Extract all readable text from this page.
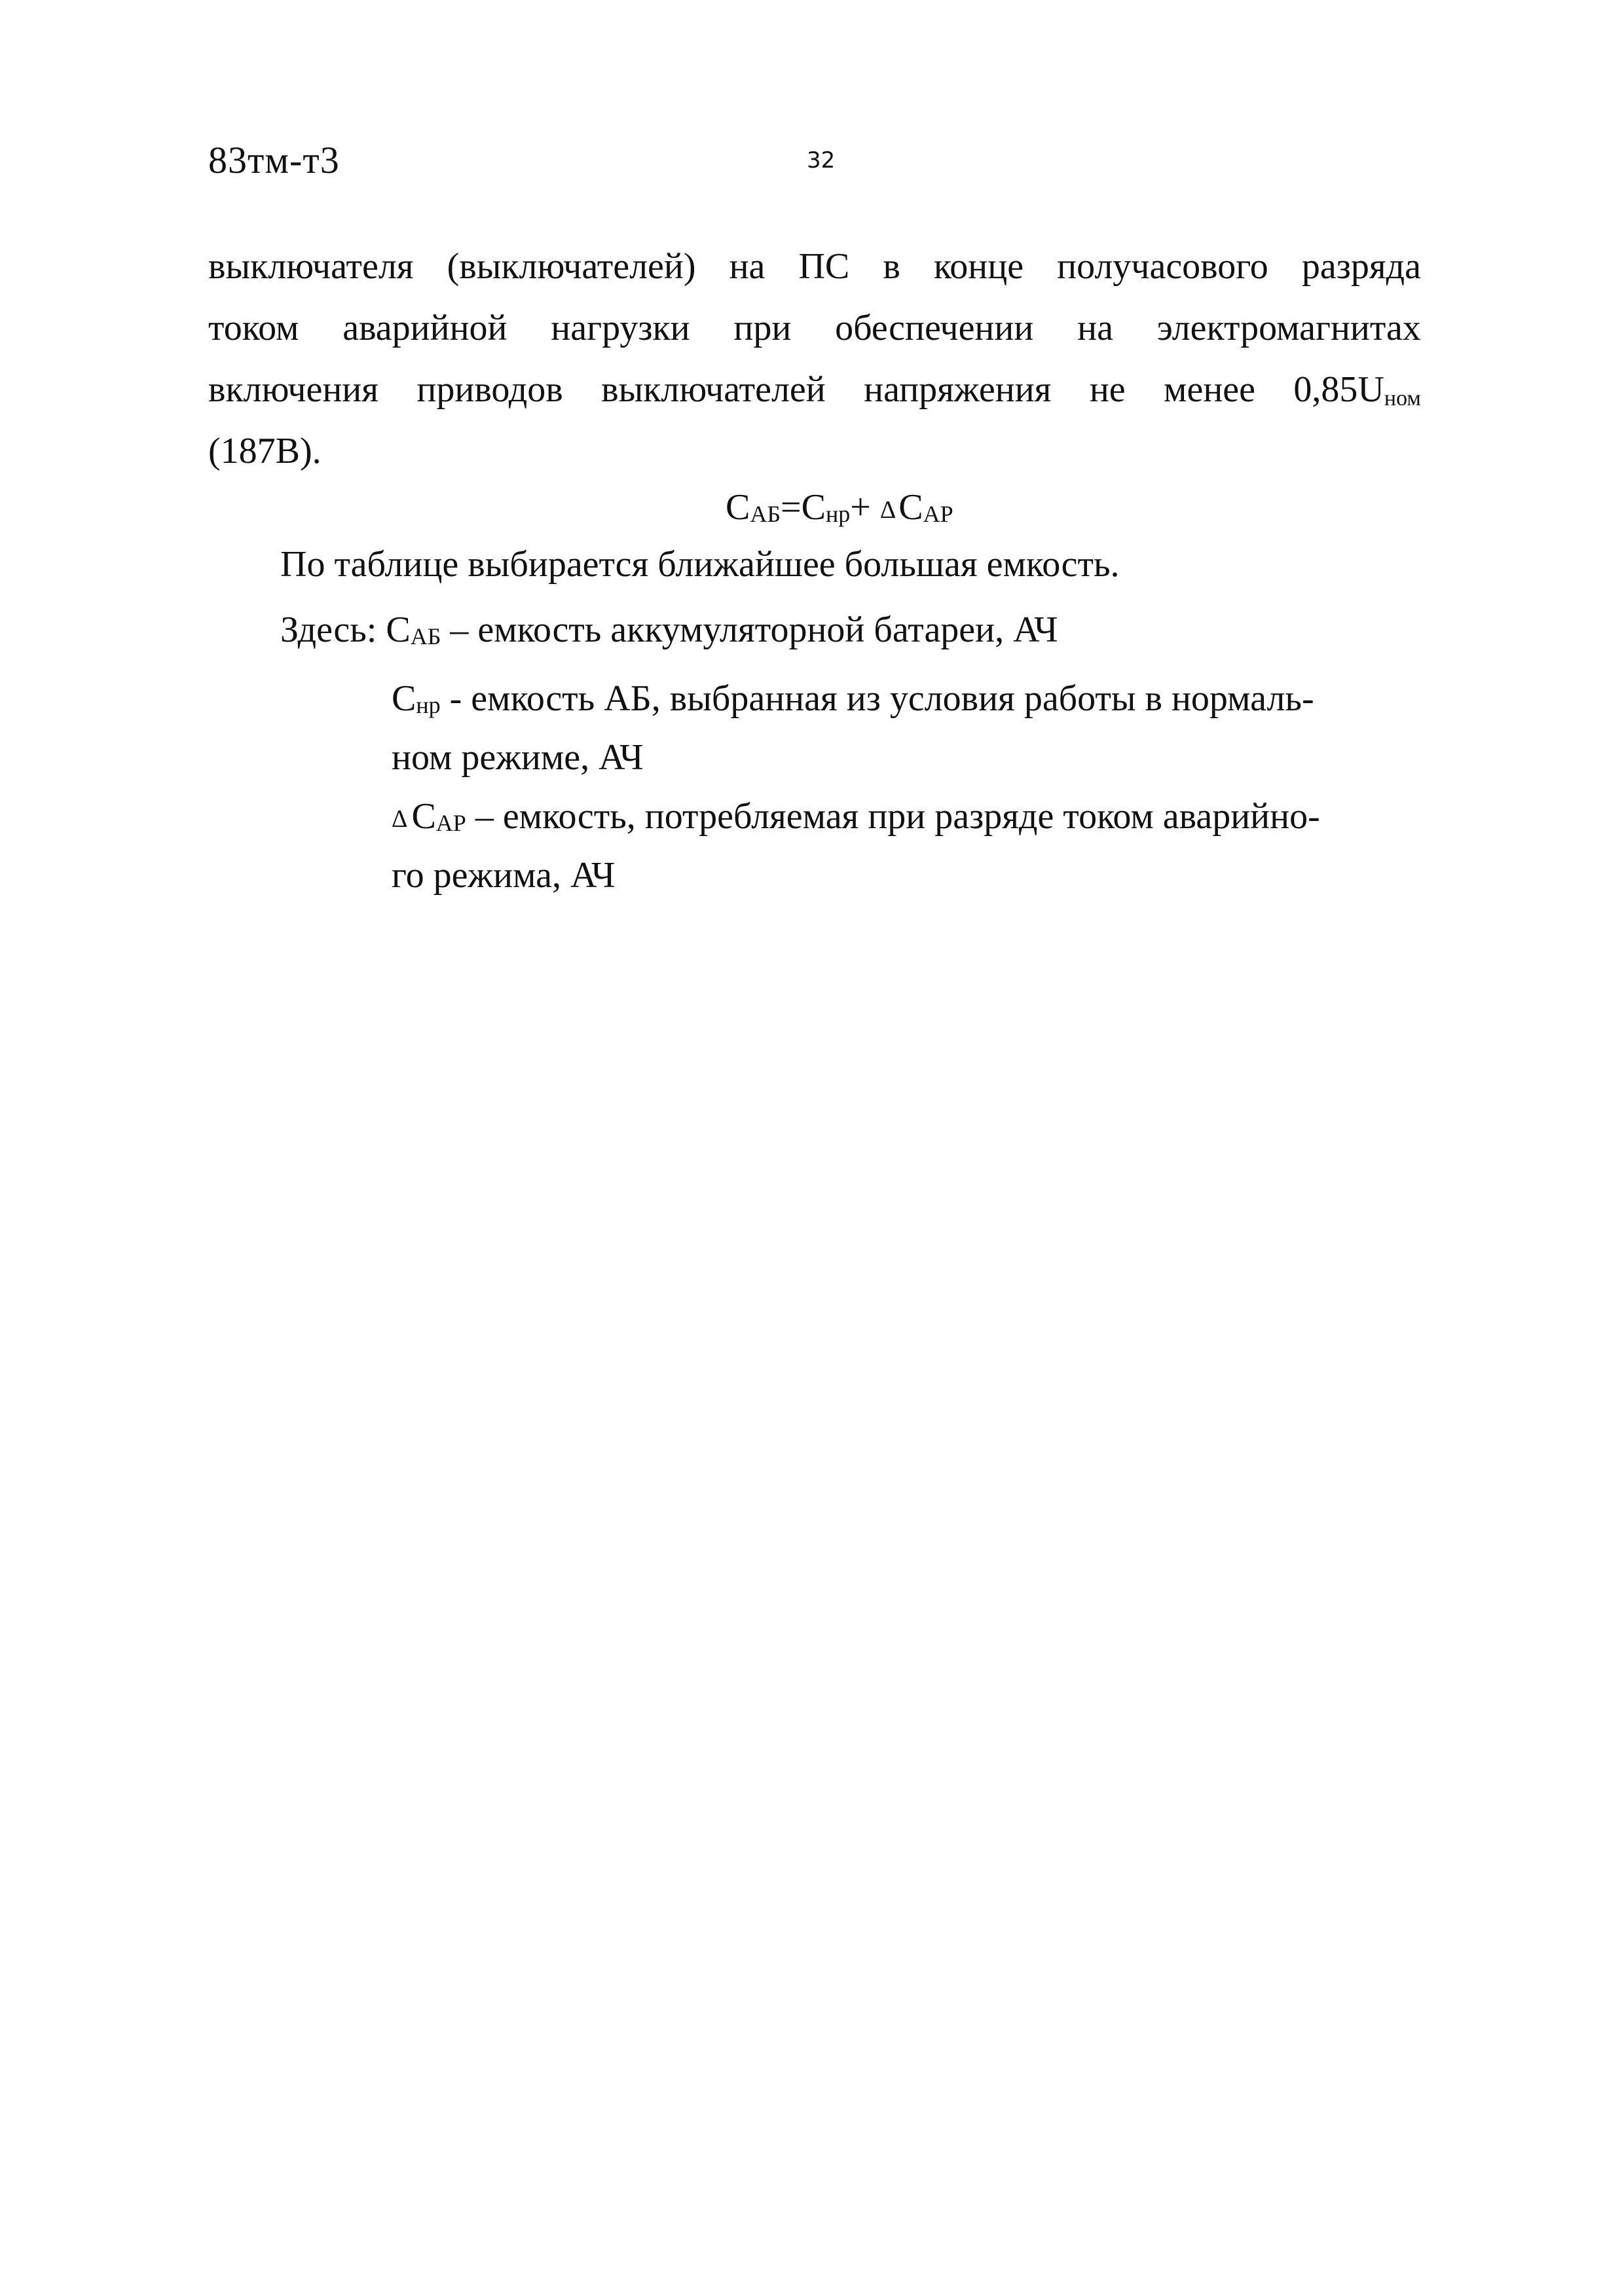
83тм-т3	32
выключателя (выключателей) на ПС в конце получасового разряда
током аварийной нагрузки при обеспечении на электромагнитах
включения приводов выключателей напряжения не менее $0,85U_{ном}$
(187В).
CАБ=Cнр+ ΔCАР
По таблице выбирается ближайшее большая емкость.
Здесь: CАБ – емкость аккумуляторной батареи, АЧ
Cнр - емкость АБ, выбранная из условия работы в нормаль-
ном режиме, АЧ
Δ CАР – емкость, потребляемая при разряде током аварийно-
го режима, АЧ
